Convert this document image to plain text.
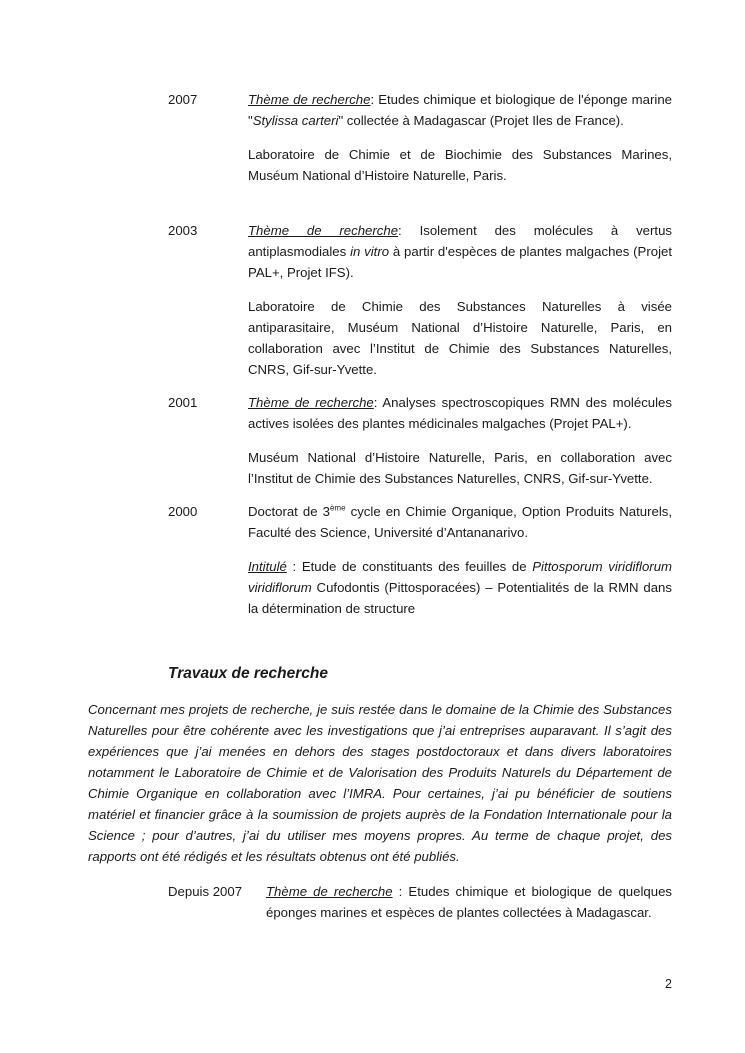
2007	Thème de recherche: Etudes chimique et biologique de l'éponge marine "Stylissa carteri" collectée à Madagascar (Projet Iles de France).

Laboratoire de Chimie et de Biochimie des Substances Marines, Muséum National d’Histoire Naturelle, Paris.

2003	Thème de recherche: Isolement des molécules à vertus antiplasmodiales in vitro à partir d'espèces de plantes malgaches (Projet PAL+, Projet IFS).

Laboratoire de Chimie des Substances Naturelles à visée antiparasitaire, Muséum National d’Histoire Naturelle, Paris, en collaboration avec l’Institut de Chimie des Substances Naturelles, CNRS, Gif-sur-Yvette.

2001	Thème de recherche: Analyses spectroscopiques RMN des molécules actives isolées des plantes médicinales malgaches (Projet PAL+).

Muséum National d’Histoire Naturelle, Paris, en collaboration avec l’Institut de Chimie des Substances Naturelles, CNRS, Gif-sur-Yvette.

2000	Doctorat de 3ème cycle en Chimie Organique, Option Produits Naturels, Faculté des Science, Université d’Antananarivo.

Intitulé : Etude de constituants des feuilles de Pittosporum viridiflorum viridiflorum Cufodontis (Pittosporacées) – Potentialités de la RMN dans la détermination de structure

Travaux de recherche

Concernant mes projets de recherche, je suis restée dans le domaine de la Chimie des Substances Naturelles pour être cohérente avec les investigations que j’ai entreprises auparavant. Il s’agit des expériences que j’ai menées en dehors des stages postdoctoraux et dans divers laboratoires notamment le Laboratoire de Chimie et de Valorisation des Produits Naturels du Département de Chimie Organique en collaboration avec l’IMRA. Pour certaines, j’ai pu bénéficier de soutiens matériel et financier grâce à la soumission de projets auprès de la Fondation Internationale pour la Science ; pour d’autres, j’ai du utiliser mes moyens propres. Au terme de chaque projet, des rapports ont été rédigés et les résultats obtenus ont été publiés.

Depuis 2007	Thème de recherche : Etudes chimique et biologique de quelques éponges marines et espèces de plantes collectées à Madagascar.

2
